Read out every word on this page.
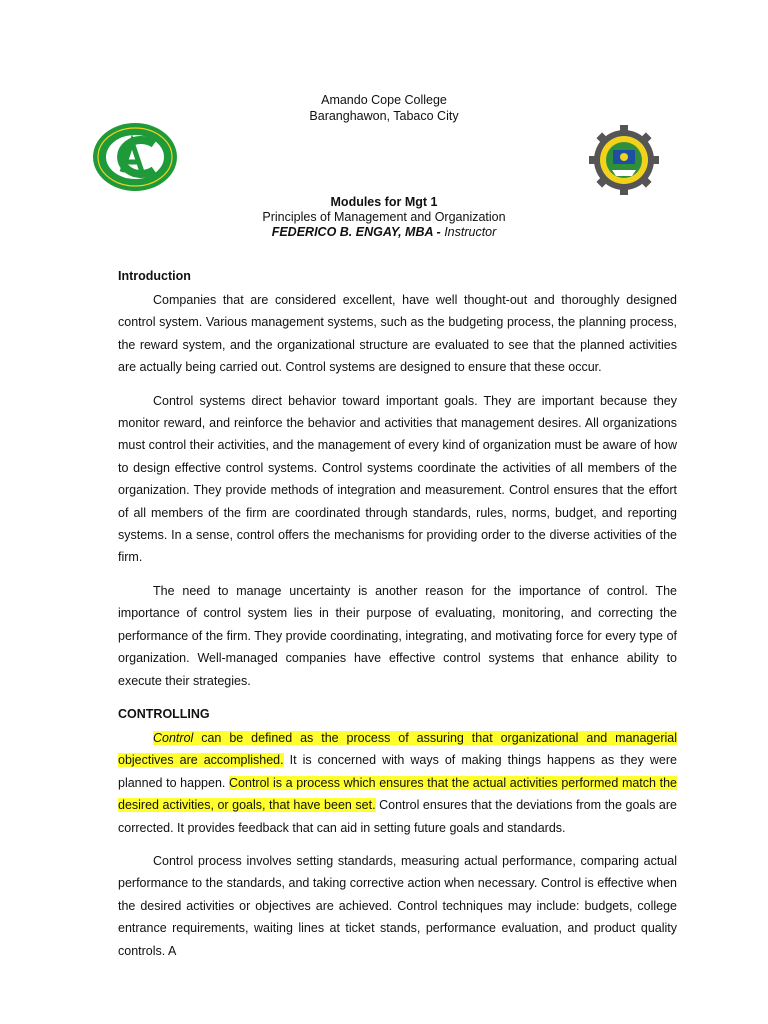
Amando Cope College
Baranghawon, Tabaco City
Modules for Mgt 1
Principles of Management and Organization
FEDERICO B. ENGAY, MBA - Instructor
Introduction

Companies that are considered excellent, have well thought-out and thoroughly designed control system. Various management systems, such as the budgeting process, the planning process, the reward system, and the organizational structure are evaluated to see that the planned activities are actually being carried out. Control systems are designed to ensure that these occur.

Control systems direct behavior toward important goals. They are important because they monitor reward, and reinforce the behavior and activities that management desires. All organizations must control their activities, and the management of every kind of organization must be aware of how to design effective control systems. Control systems coordinate the activities of all members of the organization. They provide methods of integration and measurement. Control ensures that the effort of all members of the firm are coordinated through standards, rules, norms, budget, and reporting systems. In a sense, control offers the mechanisms for providing order to the diverse activities of the firm.

The need to manage uncertainty is another reason for the importance of control. The importance of control system lies in their purpose of evaluating, monitoring, and correcting the performance of the firm. They provide coordinating, integrating, and motivating force for every type of organization. Well-managed companies have effective control systems that enhance ability to execute their strategies.

CONTROLLING

Control can be defined as the process of assuring that organizational and managerial objectives are accomplished. It is concerned with ways of making things happens as they were planned to happen. Control is a process which ensures that the actual activities performed match the desired activities, or goals, that have been set. Control ensures that the deviations from the goals are corrected. It provides feedback that can aid in setting future goals and standards.

Control process involves setting standards, measuring actual performance, comparing actual performance to the standards, and taking corrective action when necessary. Control is effective when the desired activities or objectives are achieved. Control techniques may include: budgets, college entrance requirements, waiting lines at ticket stands, performance evaluation, and product quality controls. A
